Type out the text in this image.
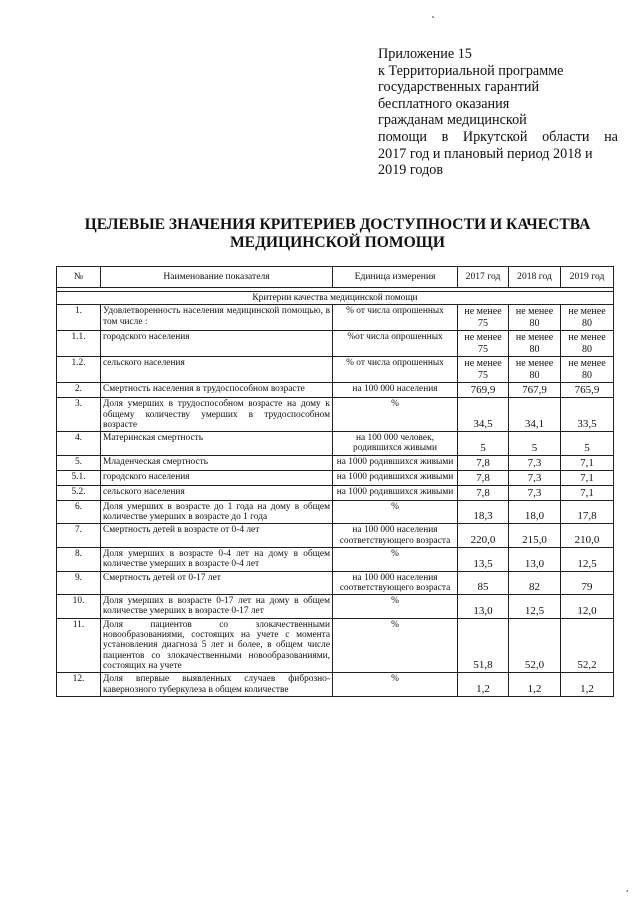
Приложение 15
к Территориальной программе
государственных гарантий
бесплатного оказания
гражданам медицинской
помощи в Иркутской области на
2017 год и плановый период 2018 и
2019 годов
ЦЕЛЕВЫЕ ЗНАЧЕНИЯ КРИТЕРИЕВ ДОСТУПНОСТИ И КАЧЕСТВА МЕДИЦИНСКОЙ ПОМОЩИ
№	Наименование показателя	Единица измерения	2017 год	2018 год	2019 год

Критерии качества медицинской помощи					
1.	Удовлетворенность населения медицинской помощью, в том числе :	% от числа опрошенных	не менее 75	не менее 80	не менее 80
1.1.	городского населения	%от числа опрошенных	не менее 75	не менее 80	не менее 80
1.2.	сельского населения	% от числа опрошенных	не менее 75	не менее 80	не менее 80
2.	Смертность населения в трудоспособном возрасте	на 100 000 населения	769,9	767,9	765,9
3.	Доля умерших в трудоспособном возрасте на дому к общему количеству умерших в трудоспособном возрасте	%	34,5	34,1	33,5
4.	Материнская смертность	на 100 000 человек, родившихся живыми	5	5	5
5.	Младенческая смертность	на 1000 родившихся живыми	7,8	7,3	7,1
5.1.	городского населения	на 1000 родившихся живыми	7,8	7,3	7,1
5.2.	сельского населения	на 1000 родившихся живыми	7,8	7,3	7,1
6.	Доля умерших в возрасте до 1 года на дому в общем количестве умерших в возрасте до 1 года	%	18,3	18,0	17,8
7.	Смертность детей в возрасте от 0-4 лет	на 100 000 населения соответствующего возраста	220,0	215,0	210,0
8.	Доля умерших в возрасте 0-4 лет на дому в общем количестве умерших в возрасте 0-4 лет	%	13,5	13,0	12,5
9.	Смертность детей от 0-17 лет	на 100 000 населения соответствующего возраста	85	82	79
10.	Доля умерших в возрасте 0-17 лет на дому в общем количестве умерших в возрасте 0-17 лет	%	13,0	12,5	12,0
11.	Доля пациентов со злокачественными новообразованиями, состоящих на учете с момента установления диагноза 5 лет и более, в общем числе пациентов со злокачественными новообразованиями, состоящих на учете	%	51,8	52,0	52,2
12.	Доля впервые выявленных случаев фиброзно-кавернозного туберкулеза в общем количестве	%	1,2	1,2	1,2
,
